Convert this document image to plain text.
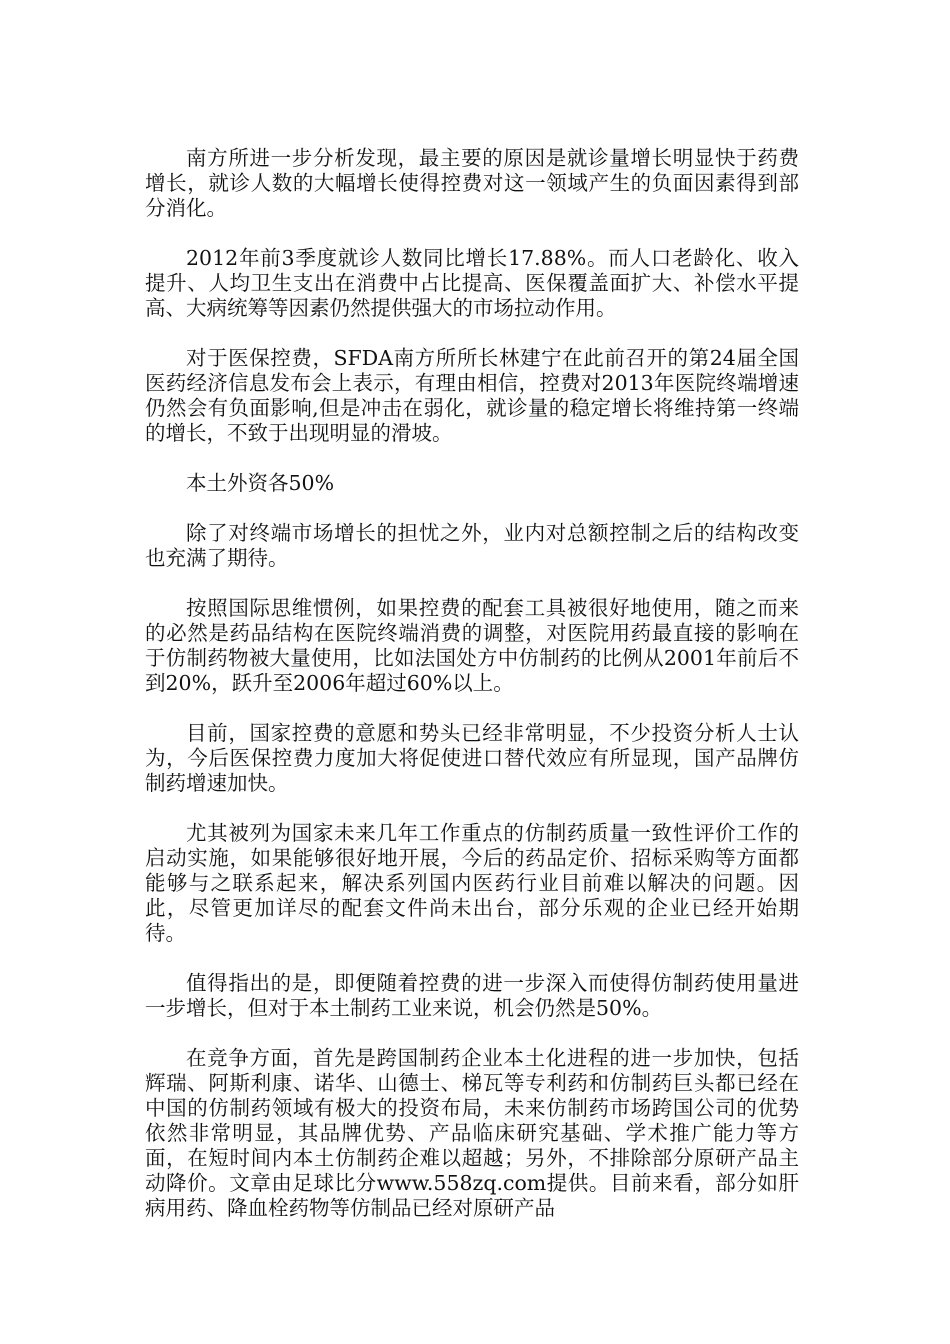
南方所进一步分析发现，最主要的原因是就诊量增长明显快于药费增长，就诊人数的大幅增长使得控费对这一领域产生的负面因素得到部分消化。

2012年前3季度就诊人数同比增长17.88%。而人口老龄化、收入提升、人均卫生支出在消费中占比提高、医保覆盖面扩大、补偿水平提高、大病统筹等因素仍然提供强大的市场拉动作用。

对于医保控费，SFDA南方所所长林建宁在此前召开的第24届全国医药经济信息发布会上表示，有理由相信，控费对2013年医院终端增速仍然会有负面影响,但是冲击在弱化，就诊量的稳定增长将维持第一终端的增长，不致于出现明显的滑坡。

本土外资各50%

除了对终端市场增长的担忧之外，业内对总额控制之后的结构改变也充满了期待。

按照国际思维惯例，如果控费的配套工具被很好地使用，随之而来的必然是药品结构在医院终端消费的调整，对医院用药最直接的影响在于仿制药物被大量使用，比如法国处方中仿制药的比例从2001年前后不到20%，跃升至2006年超过60%以上。

目前，国家控费的意愿和势头已经非常明显，不少投资分析人士认为，今后医保控费力度加大将促使进口替代效应有所显现，国产品牌仿制药增速加快。

尤其被列为国家未来几年工作重点的仿制药质量一致性评价工作的启动实施，如果能够很好地开展，今后的药品定价、招标采购等方面都能够与之联系起来，解决系列国内医药行业目前难以解决的问题。因此，尽管更加详尽的配套文件尚未出台，部分乐观的企业已经开始期待。

值得指出的是，即便随着控费的进一步深入而使得仿制药使用量进一步增长，但对于本土制药工业来说，机会仍然是50%。

在竞争方面，首先是跨国制药企业本土化进程的进一步加快，包括辉瑞、阿斯利康、诺华、山德士、梯瓦等专利药和仿制药巨头都已经在中国的仿制药领域有极大的投资布局，未来仿制药市场跨国公司的优势依然非常明显，其品牌优势、产品临床研究基础、学术推广能力等方面，在短时间内本土仿制药企难以超越；另外，不排除部分原研产品主动降价。文章由足球比分www.558zq.com提供。目前来看，部分如肝病用药、降血栓药物等仿制品已经对原研产品
